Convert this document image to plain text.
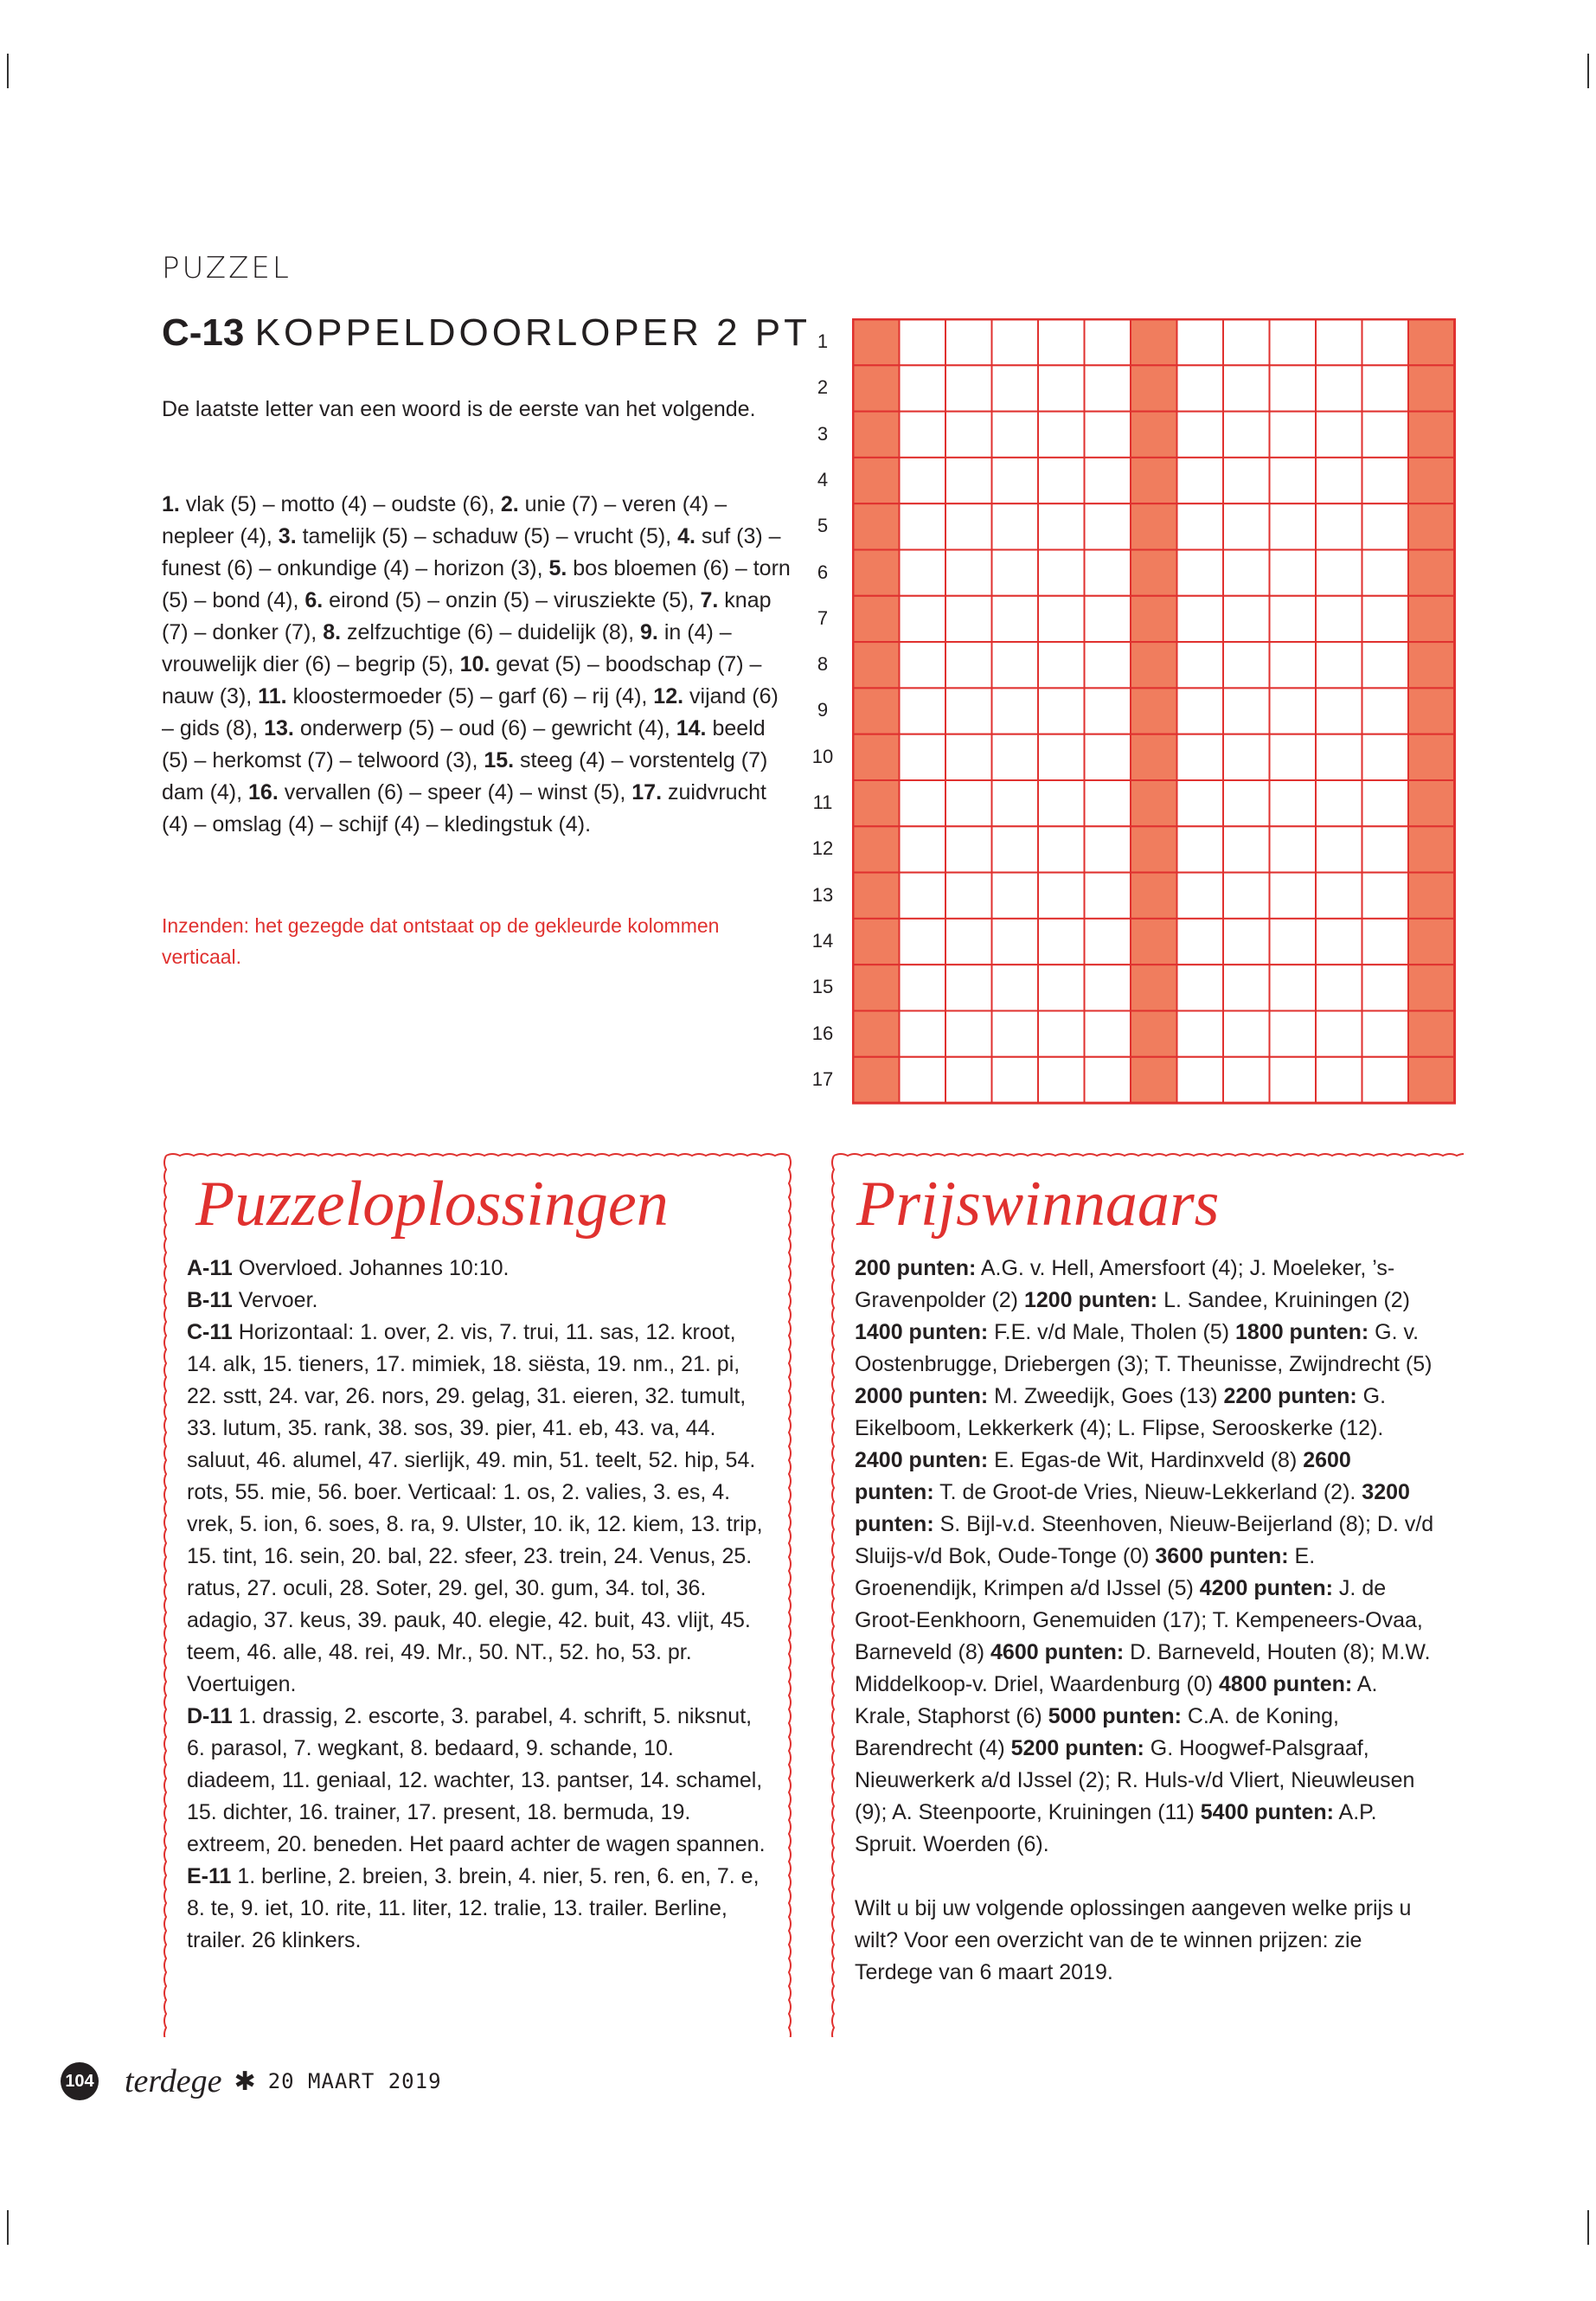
PUZZEL
C-13 KOPPELDOORLOPER 2 PT
De laatste letter van een woord is de eerste van het volgende.
1. vlak (5) – motto (4) – oudste (6), 2. unie (7) – veren (4) – nepleer (4), 3. tamelijk (5) – schaduw (5) – vrucht (5), 4. suf (3) – funest (6) – onkundige (4) – horizon (3), 5. bos bloemen (6) – torn (5) – bond (4), 6. eirond (5) – onzin (5) – virusziekte (5), 7. knap (7) – donker (7), 8. zelfzuchtige (6) – duidelijk (8), 9. in (4) – vrouwelijk dier (6) – begrip (5), 10. gevat (5) – boodschap (7) – nauw (3), 11. kloostermoeder (5) – garf (6) – rij (4), 12. vijand (6) – gids (8), 13. onderwerp (5) – oud (6) – gewricht (4), 14. beeld (5) – herkomst (7) – telwoord (3), 15. steeg (4) – vorstentelg (7) dam (4), 16. vervallen (6) – speer (4) – winst (5), 17. zuidvrucht (4) – omslag (4) – schijf (4) – kledingstuk (4).
Inzenden: het gezegde dat ontstaat op de gekleurde kolommen verticaal.
1
2
3
4
5
6
7
8
9
10
11
12
13
14
15
16
17
Puzzeloplossingen

A-11 Overvloed. Johannes 10:10.

B-11 Vervoer.

C-11 Horizontaal: 1. over, 2. vis, 7. trui, 11. sas, 12. kroot, 14. alk, 15. tieners, 17. mimiek, 18. siësta, 19. nm., 21. pi, 22. sstt, 24. var, 26. nors, 29. gelag, 31. eieren, 32. tumult, 33. lutum, 35. rank, 38. sos, 39. pier, 41. eb, 43. va, 44. saluut, 46. alumel, 47. sierlijk, 49. min, 51. teelt, 52. hip, 54. rots, 55. mie, 56. boer. Verticaal: 1. os, 2. valies, 3. es, 4. vrek, 5. ion, 6. soes, 8. ra, 9. Ulster, 10. ik, 12. kiem, 13. trip, 15. tint, 16. sein, 20. bal, 22. sfeer, 23. trein, 24. Venus, 25. ratus, 27. oculi, 28. Soter, 29. gel, 30. gum, 34. tol, 36. adagio, 37. keus, 39. pauk, 40. elegie, 42. buit, 43. vlijt, 45. teem, 46. alle, 48. rei, 49. Mr., 50. NT., 52. ho, 53. pr. Voertuigen.

D-11 1. drassig, 2. escorte, 3. parabel, 4. schrift, 5. niksnut, 6. parasol, 7. wegkant, 8. bedaard, 9. schande, 10. diadeem, 11. geniaal, 12. wachter, 13. pantser, 14. schamel, 15. dichter, 16. trainer, 17. present, 18. bermuda, 19. extreem, 20. beneden. Het paard achter de wagen spannen.

E-11 1. berline, 2. breien, 3. brein, 4. nier, 5. ren, 6. en, 7. e, 8. te, 9. iet, 10. rite, 11. liter, 12. tralie, 13. trailer. Berline, trailer. 26 klinkers.

Prijswinnaars

200 punten: A.G. v. Hell, Amersfoort (4); J. Moeleker, ’s-Gravenpolder (2) 1200 punten: L. Sandee, Kruiningen (2) 1400 punten: F.E. v/d Male, Tholen (5) 1800 punten: G. v. Oostenbrugge, Driebergen (3); T. Theunisse, Zwijndrecht (5) 2000 punten: M. Zweedijk, Goes (13) 2200 punten: G. Eikelboom, Lekkerkerk (4); L. Flipse, Serooskerke (12). 2400 punten: E. Egas-de Wit, Hardinxveld (8) 2600 punten: T. de Groot-de Vries, Nieuw-Lekkerland (2). 3200 punten: S. Bijl-v.d. Steenhoven, Nieuw-Beijerland (8); D. v/d Sluijs-v/d Bok, Oude-Tonge (0) 3600 punten: E. Groenendijk, Krimpen a/d IJssel (5) 4200 punten: J. de Groot-Eenkhoorn, Genemuiden (17); T. Kempeneers-Ovaa, Barneveld (8) 4600 punten: D. Barneveld, Houten (8); M.W. Middelkoop-v. Driel, Waardenburg (0) 4800 punten: A. Krale, Staphorst (6) 5000 punten: C.A. de Koning, Barendrecht (4) 5200 punten: G. Hoogwef-Palsgraaf, Nieuwerkerk a/d IJssel (2); R. Huls-v/d Vliert, Nieuwleusen (9); A. Steenpoorte, Kruiningen (11) 5400 punten: A.P. Spruit. Woerden (6).

Wilt u bij uw volgende oplossingen aangeven welke prijs u wilt? Voor een overzicht van de te winnen prijzen: zie Terdege van 6 maart 2019.

104 terdege ✱ 20 MAART 2019
